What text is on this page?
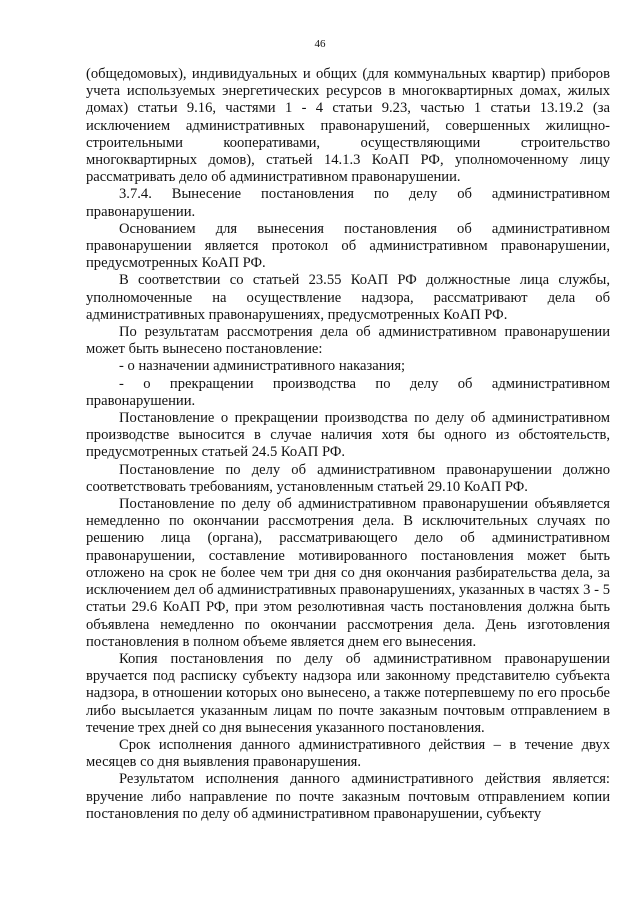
46

(общедомовых), индивидуальных и общих (для коммунальных квартир) приборов учета используемых энергетических ресурсов в многоквартирных домах, жилых домах) статьи 9.16, частями 1 - 4 статьи 9.23, частью 1 статьи 13.19.2 (за исключением административных правонарушений, совершенных жилищно-строительными кооперативами, осуществляющими строительство многоквартирных домов), статьей 14.1.3 КоАП РФ, уполномоченному лицу рассматривать дело об административном правонарушении.

3.7.4. Вынесение постановления по делу об административном правонарушении.

Основанием для вынесения постановления об административном правонарушении является протокол об административном правонарушении, предусмотренных КоАП РФ.

В соответствии со статьей 23.55 КоАП РФ должностные лица службы, уполномоченные на осуществление надзора, рассматривают дела об административных правонарушениях, предусмотренных КоАП РФ.

По результатам рассмотрения дела об административном правонарушении может быть вынесено постановление:

- о назначении административного наказания;

- о прекращении производства по делу об административном правонарушении.

Постановление о прекращении производства по делу об административном производстве выносится в случае наличия хотя бы одного из обстоятельств, предусмотренных статьей 24.5 КоАП РФ.

Постановление по делу об административном правонарушении должно соответствовать требованиям, установленным статьей 29.10 КоАП РФ.

Постановление по делу об административном правонарушении объявляется немедленно по окончании рассмотрения дела. В исключительных случаях по решению лица (органа), рассматривающего дело об административном правонарушении, составление мотивированного постановления может быть отложено на срок не более чем три дня со дня окончания разбирательства дела, за исключением дел об административных правонарушениях, указанных в частях 3 - 5 статьи 29.6 КоАП РФ, при этом резолютивная часть постановления должна быть объявлена немедленно по окончании рассмотрения дела. День изготовления постановления в полном объеме является днем его вынесения.

Копия постановления по делу об административном правонарушении вручается под расписку субъекту надзора или законному представителю субъекта надзора, в отношении которых оно вынесено, а также потерпевшему по его просьбе либо высылается указанным лицам по почте заказным почтовым отправлением в течение трех дней со дня вынесения указанного постановления.

Срок исполнения данного административного действия – в течение двух месяцев со дня выявления правонарушения.

Результатом исполнения данного административного действия является: вручение либо направление по почте заказным почтовым отправлением копии постановления по делу об административном правонарушении, субъекту
